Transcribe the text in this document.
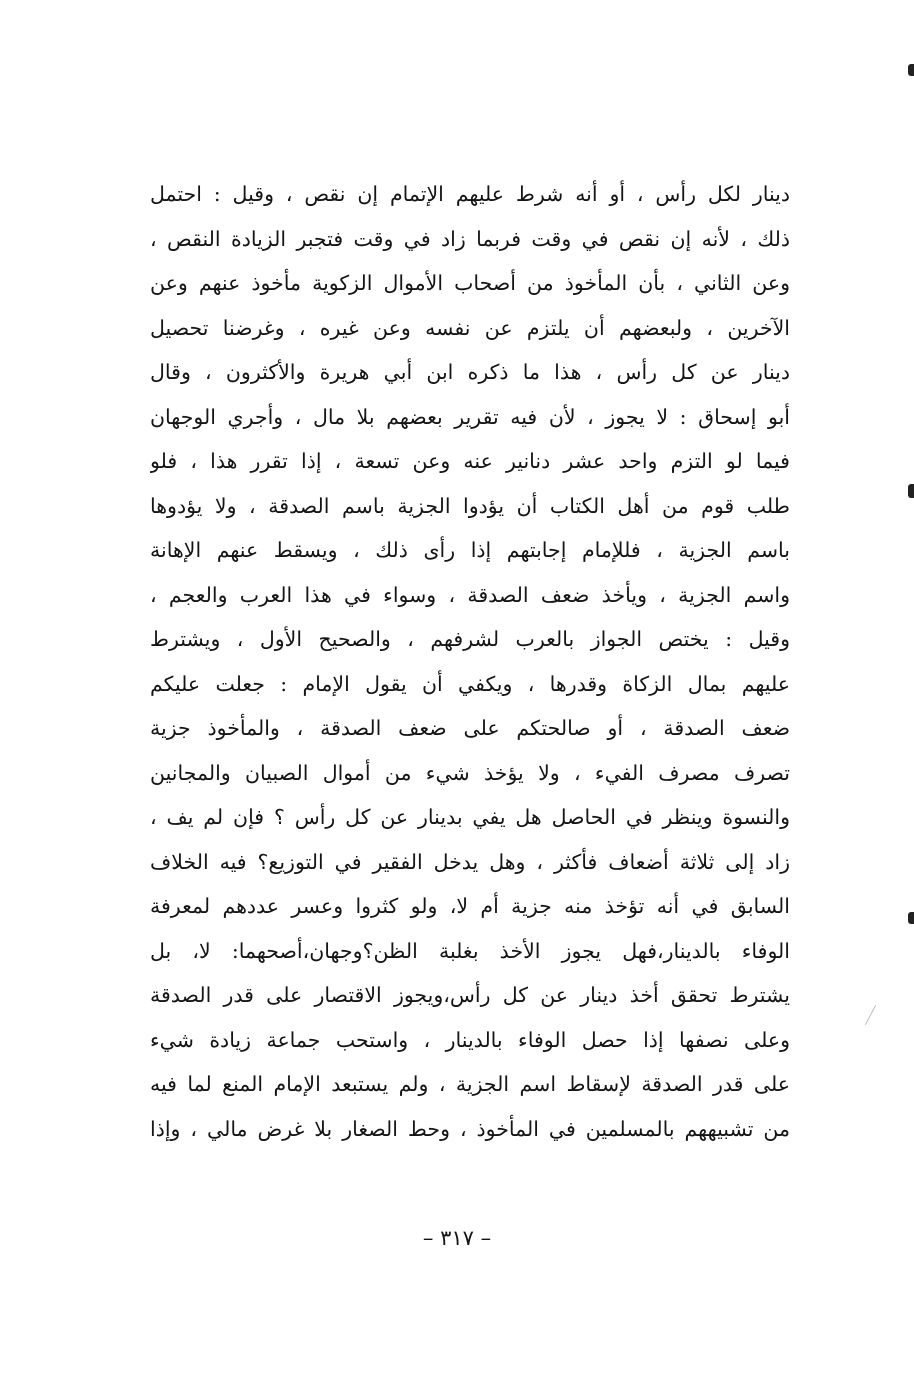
دينار لكل رأس ، أو أنه شرط عليهم الإتمام إن نقص ، وقيل : احتمل
ذلك ، لأنه إن نقص في وقت فربما زاد في وقت فتجبر الزيادة النقص ،
وعن الثاني ، بأن المأخوذ من أصحاب الأموال الزكوية مأخوذ عنهم وعن
الآخرين ، ولبعضهم أن يلتزم عن نفسه وعن غيره ، وغرضنا تحصيل
دينار عن كل رأس ، هذا ما ذكره ابن أبي هريرة والأكثرون ، وقال
أبو إسحاق : لا يجوز ، لأن فيه تقرير بعضهم بلا مال ، وأجري الوجهان
فيما لو التزم واحد عشر دنانير عنه وعن تسعة ، إذا تقرر هذا ، فلو
طلب قوم من أهل الكتاب أن يؤدوا الجزية باسم الصدقة ، ولا يؤدوها
باسم الجزية ، فللإمام إجابتهم إذا رأى ذلك ، ويسقط عنهم الإهانة
واسم الجزية ، ويأخذ ضعف الصدقة ، وسواء في هذا العرب والعجم ،
وقيل : يختص الجواز بالعرب لشرفهم ، والصحيح الأول ، ويشترط
عليهم بمال الزكاة وقدرها ، ويكفي أن يقول الإمام : جعلت عليكم
ضعف الصدقة ، أو صالحتكم على ضعف الصدقة ، والمأخوذ جزية
تصرف مصرف الفيء ، ولا يؤخذ شيء من أموال الصبيان والمجانين
والنسوة وينظر في الحاصل هل يفي بدينار عن كل رأس ؟ فإن لم يف ،
زاد إلى ثلاثة أضعاف فأكثر ، وهل يدخل الفقير في التوزيع؟ فيه الخلاف
السابق في أنه تؤخذ منه جزية أم لا، ولو كثروا وعسر عددهم لمعرفة
الوفاء بالدينار،فهل يجوز الأخذ بغلبة الظن؟وجهان،أصحهما: لا، بل
يشترط تحقق أخذ دينار عن كل رأس،ويجوز الاقتصار على قدر الصدقة
وعلى نصفها إذا حصل الوفاء بالدينار ، واستحب جماعة زيادة شيء
على قدر الصدقة لإسقاط اسم الجزية ، ولم يستبعد الإمام المنع لما فيه
من تشبيههم بالمسلمين في المأخوذ ، وحط الصغار بلا غرض مالي ، وإذا
– ٣١٧ –
